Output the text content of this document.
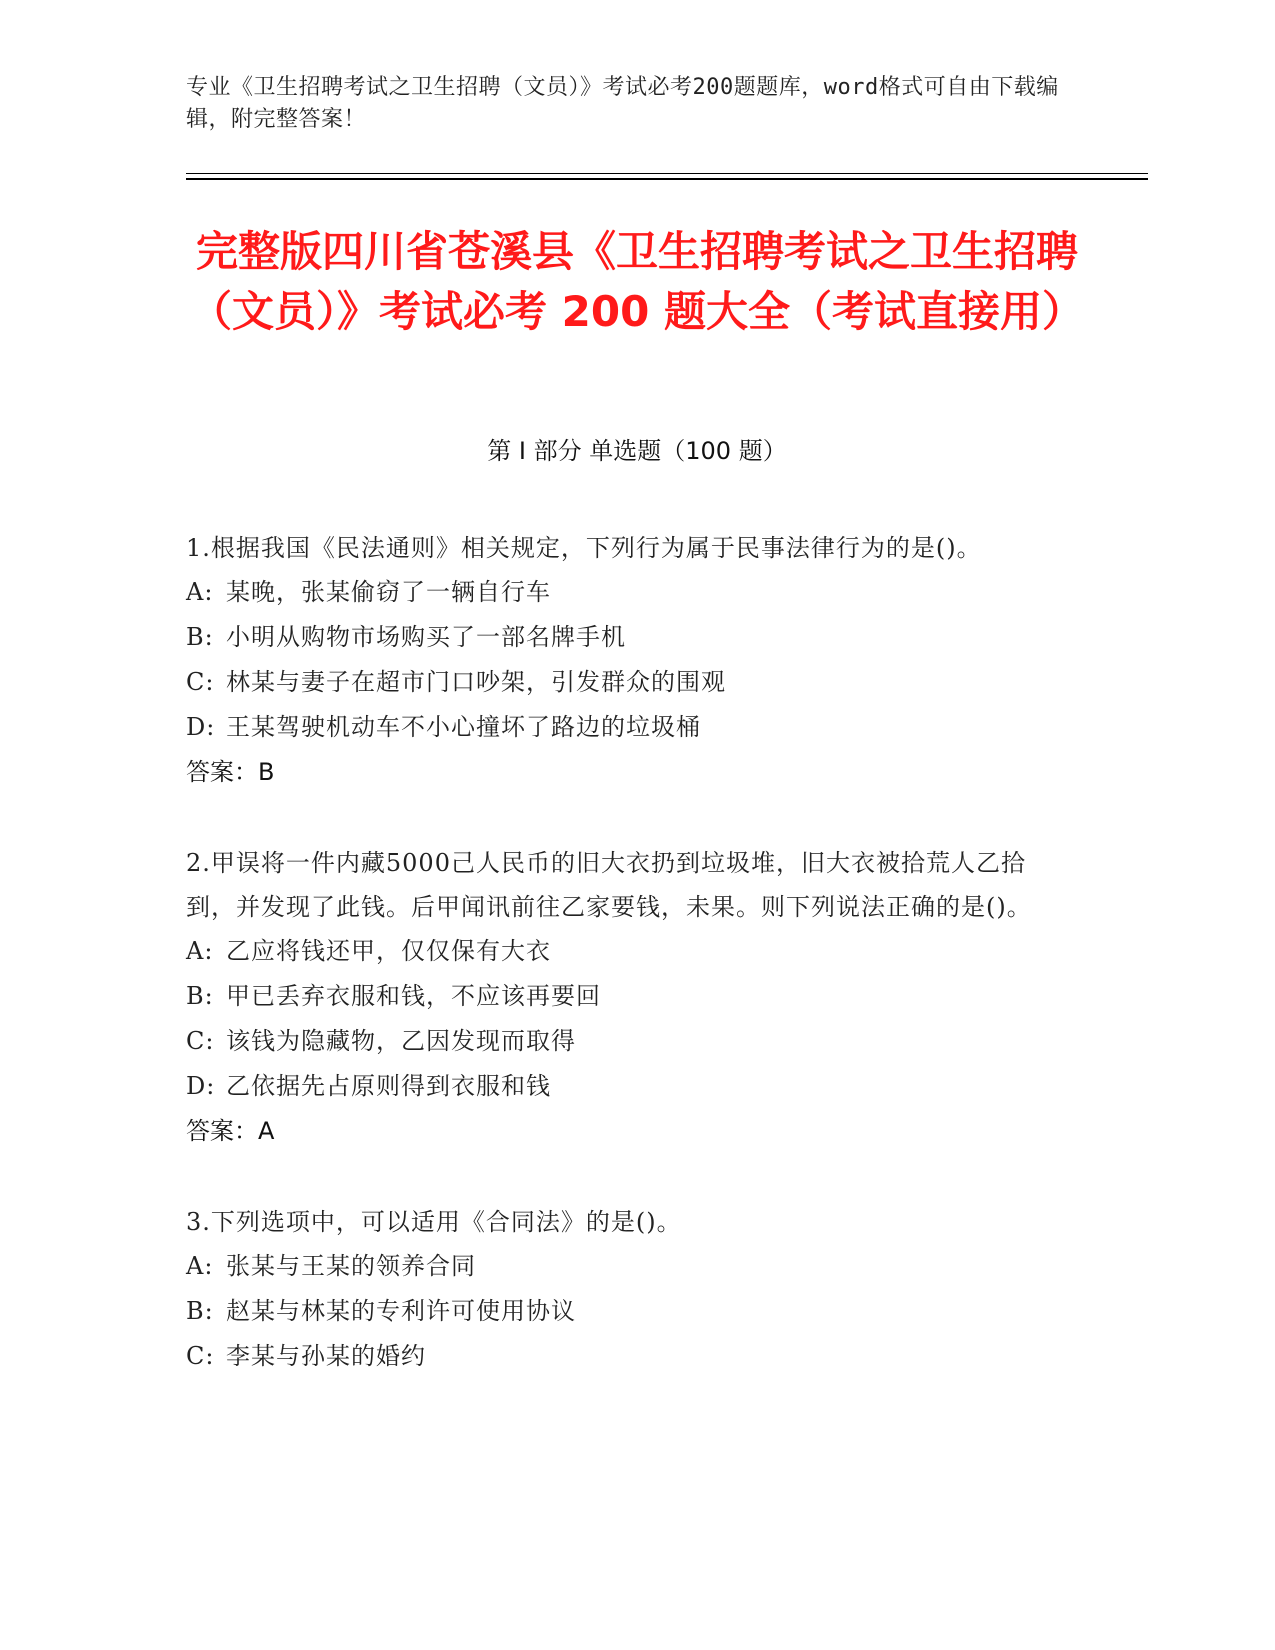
专业《卫生招聘考试之卫生招聘（文员）》考试必考200题题库，word格式可自由下载编辑，附完整答案！
完整版四川省苍溪县《卫生招聘考试之卫生招聘（文员）》考试必考 200 题大全（考试直接用）
第 I 部分 单选题（100 题）
1.根据我国《民法通则》相关规定，下列行为属于民事法律行为的是()。
A: 某晚，张某偷窃了一辆自行车
B: 小明从购物市场购买了一部名牌手机
C: 林某与妻子在超市门口吵架，引发群众的围观
D: 王某驾驶机动车不小心撞坏了路边的垃圾桶
答案：B
2.甲误将一件内藏5000己人民币的旧大衣扔到垃圾堆，旧大衣被拾荒人乙拾到，并发现了此钱。后甲闻讯前往乙家要钱，未果。则下列说法正确的是()。
A: 乙应将钱还甲，仅仅保有大衣
B: 甲已丢弃衣服和钱，不应该再要回
C: 该钱为隐藏物，乙因发现而取得
D: 乙依据先占原则得到衣服和钱
答案：A
3.下列选项中，可以适用《合同法》的是()。
A: 张某与王某的领养合同
B: 赵某与林某的专利许可使用协议
C: 李某与孙某的婚约
